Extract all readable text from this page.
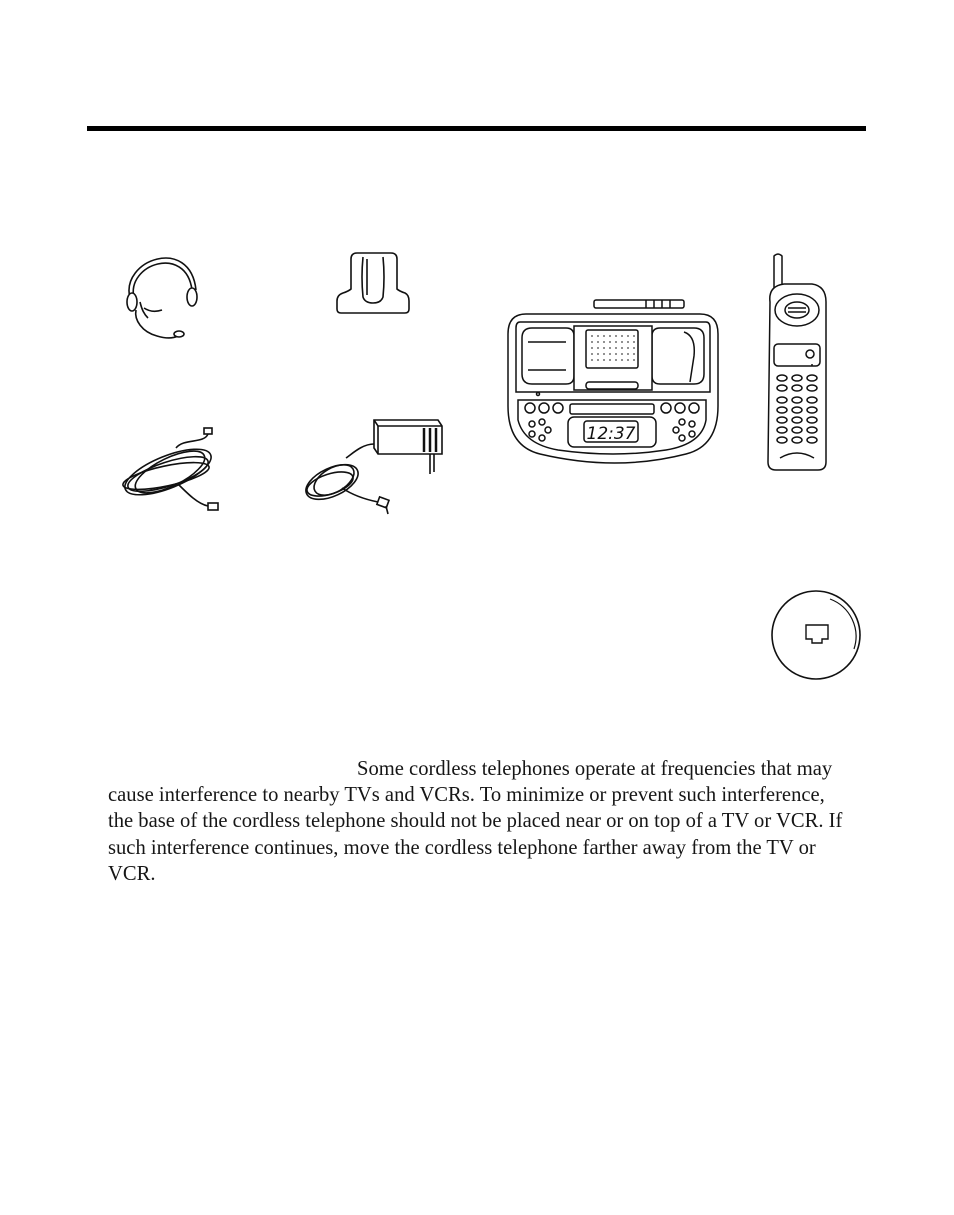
12:37

Some cordless telephones operate at frequencies that may cause interference to nearby TVs and VCRs. To minimize or prevent such interference, the base of the cordless telephone should not be placed near or on top of a TV or VCR. If such interference continues, move the cordless telephone farther away from the TV or VCR.
